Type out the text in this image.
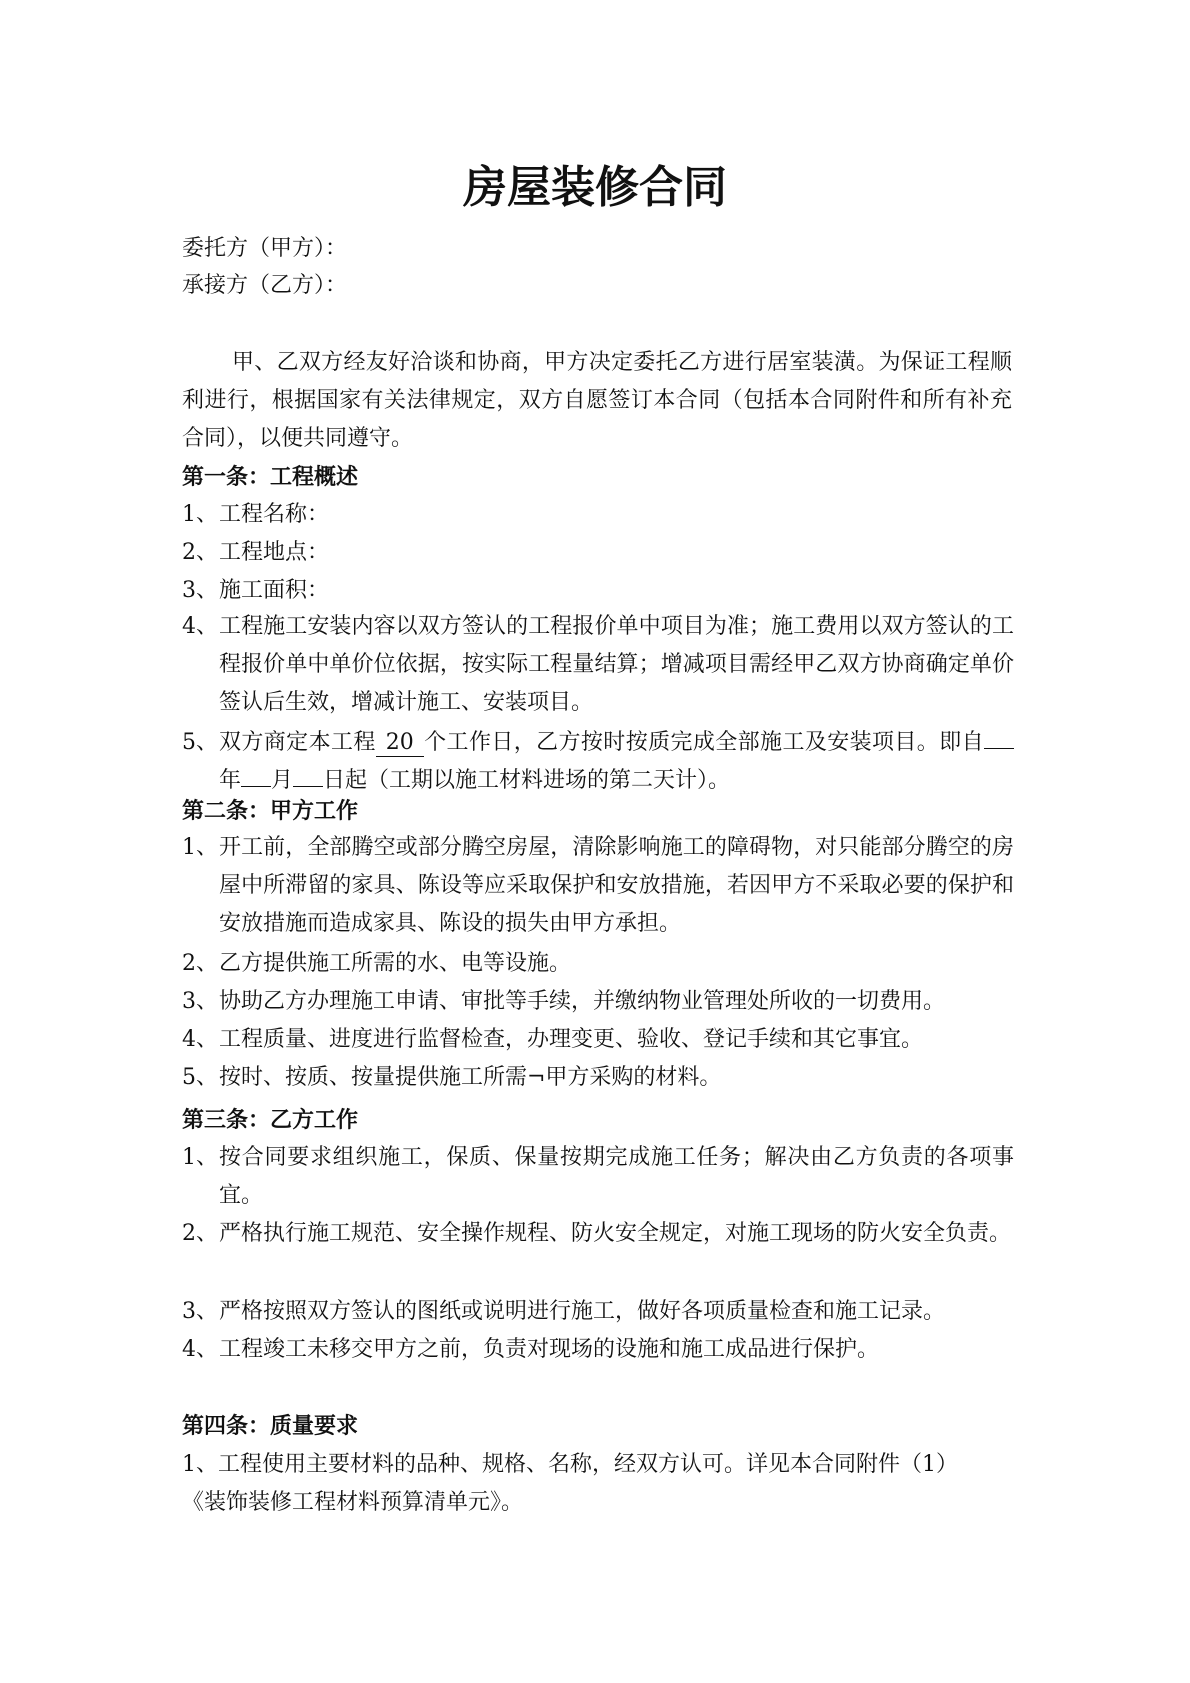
房屋装修合同
委托方（甲方）：
承接方（乙方）：
甲、乙双方经友好洽谈和协商，甲方决定委托乙方进行居室装潢。为保证工程顺利进行，根据国家有关法律规定，双方自愿签订本合同（包括本合同附件和所有补充合同），以便共同遵守。
第一条：工程概述
1、 工程名称：
2、 工程地点：
3、 施工面积：
4、 工程施工安装内容以双方签认的工程报价单中项目为准；施工费用以双方签认的工程报价单中单价位依据，按实际工程量结算；增减项目需经甲乙双方协商确定单价签认后生效，增减计施工、安装项目。
5、 双方商定本工程 20 个工作日，乙方按时按质完成全部施工及安装项目。即自年 月 日起（工期以施工材料进场的第二天计）。
第二条：甲方工作
1、 开工前，全部腾空或部分腾空房屋，清除影响施工的障碍物，对只能部分腾空的房屋中所滞留的家具、陈设等应采取保护和安放措施，若因甲方不采取必要的保护和安放措施而造成家具、陈设的损失由甲方承担。
2、 乙方提供施工所需的水、电等设施。
3、 协助乙方办理施工申请、审批等手续，并缴纳物业管理处所收的一切费用。
4、 工程质量、进度进行监督检查，办理变更、验收、登记手续和其它事宜。
5、 按时、按质、按量提供施工所需¬甲方采购的材料。
第三条：乙方工作
1、 按合同要求组织施工，保质、保量按期完成施工任务；解决由乙方负责的各项事宜。
2、 严格执行施工规范、安全操作规程、防火安全规定，对施工现场的防火安全负责。
3、 严格按照双方签认的图纸或说明进行施工，做好各项质量检查和施工记录。
4、 工程竣工未移交甲方之前，负责对现场的设施和施工成品进行保护。
第四条：质量要求
1、工程使用主要材料的品种、规格、名称，经双方认可。详见本合同附件（1）
《装饰装修工程材料预算清单元》。
